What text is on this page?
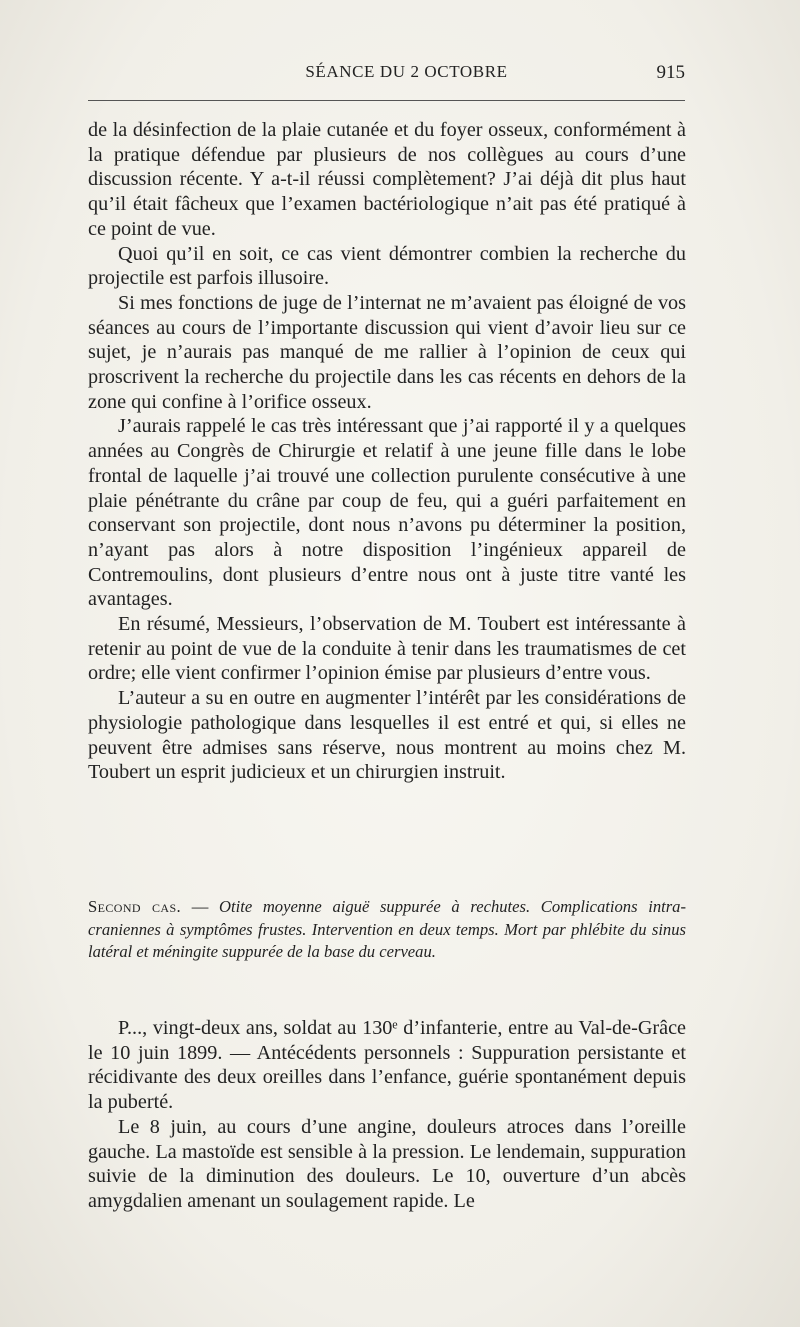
SÉANCE DU 2 OCTOBRE	915

de la désinfection de la plaie cutanée et du foyer osseux, conformément à la pratique défendue par plusieurs de nos collègues au cours d’une discussion récente. Y a-t-il réussi complètement? J’ai déjà dit plus haut qu’il était fâcheux que l’examen bactériologique n’ait pas été pratiqué à ce point de vue.

Quoi qu’il en soit, ce cas vient démontrer combien la recherche du projectile est parfois illusoire.

Si mes fonctions de juge de l’internat ne m’avaient pas éloigné de vos séances au cours de l’importante discussion qui vient d’avoir lieu sur ce sujet, je n’aurais pas manqué de me rallier à l’opinion de ceux qui proscrivent la recherche du projectile dans les cas récents en dehors de la zone qui confine à l’orifice osseux.

J’aurais rappelé le cas très intéressant que j’ai rapporté il y a quelques années au Congrès de Chirurgie et relatif à une jeune fille dans le lobe frontal de laquelle j’ai trouvé une collection purulente consécutive à une plaie pénétrante du crâne par coup de feu, qui a guéri parfaitement en conservant son projectile, dont nous n’avons pu déterminer la position, n’ayant pas alors à notre disposition l’ingénieux appareil de Contremoulins, dont plusieurs d’entre nous ont à juste titre vanté les avantages.

En résumé, Messieurs, l’observation de M. Toubert est intéressante à retenir au point de vue de la conduite à tenir dans les traumatismes de cet ordre; elle vient confirmer l’opinion émise par plusieurs d’entre vous.

L’auteur a su en outre en augmenter l’intérêt par les considérations de physiologie pathologique dans lesquelles il est entré et qui, si elles ne peuvent être admises sans réserve, nous montrent au moins chez M. Toubert un esprit judicieux et un chirurgien instruit.

Second cas. — Otite moyenne aiguë suppurée à rechutes. Complications intra-craniennes à symptômes frustes. Intervention en deux temps. Mort par phlébite du sinus latéral et méningite suppurée de la base du cerveau.

P..., vingt-deux ans, soldat au 130ᵉ d’infanterie, entre au Val-de-Grâce le 10 juin 1899. — Antécédents personnels : Suppuration persistante et récidivante des deux oreilles dans l’enfance, guérie spontanément depuis la puberté.

Le 8 juin, au cours d’une angine, douleurs atroces dans l’oreille gauche. La mastoïde est sensible à la pression. Le lendemain, suppuration suivie de la diminution des douleurs. Le 10, ouverture d’un abcès amygdalien amenant un soulagement rapide. Le
